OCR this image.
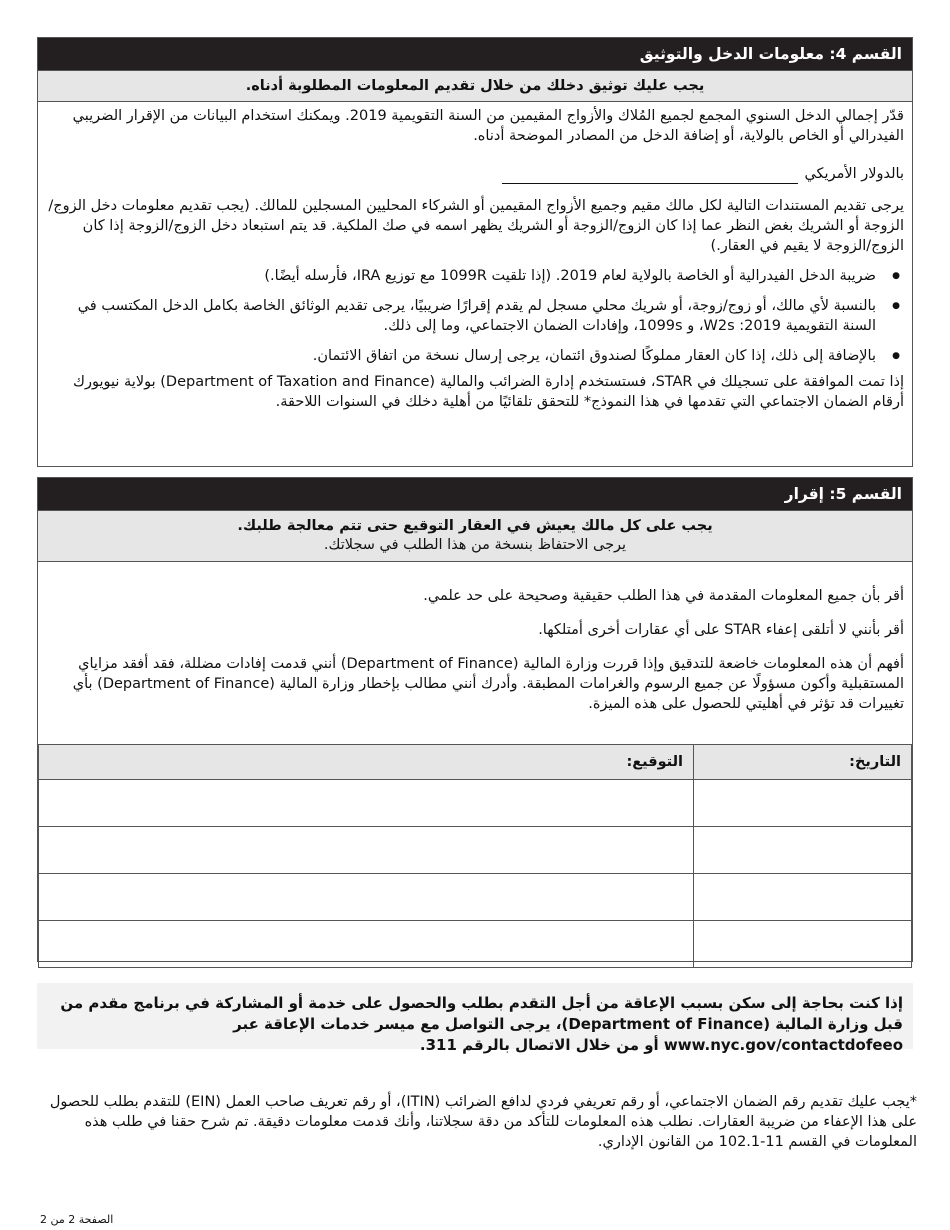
القسم 4: معلومات الدخل والتوثيق
يجب عليك توثيق دخلك من خلال تقديم المعلومات المطلوبة أدناه.

قدّر إجمالي الدخل السنوي المجمع لجميع المُلاك والأزواج المقيمين من السنة التقويمية 2019. ويمكنك استخدام البيانات من الإقرار الضريبي الفيدرالي أو الخاص بالولاية، أو إضافة الدخل من المصادر الموضحة أدناه.

بالدولار الأمريكي

يرجى تقديم المستندات التالية لكل مالك مقيم وجميع الأزواج المقيمين أو الشركاء المحليين المسجلين للمالك. (يجب تقديم معلومات دخل الزوج/الزوجة أو الشريك بغض النظر عما إذا كان الزوج/الزوجة أو الشريك يظهر اسمه في صك الملكية. قد يتم استبعاد دخل الزوج/الزوجة إذا كان الزوج/الزوجة لا يقيم في العقار.)

● ضريبة الدخل الفيدرالية أو الخاصة بالولاية لعام 2019. (إذا تلقيت 1099R مع توزيع IRA، فأرسله أيضًا.)
● بالنسبة لأي مالك، أو زوج/زوجة، أو شريك محلي مسجل لم يقدم إقرارًا ضريبيًا، يرجى تقديم الوثائق الخاصة بكامل الدخل المكتسب في السنة التقويمية 2019: W2s، و 1099s، وإفادات الضمان الاجتماعي، وما إلى ذلك.
● بالإضافة إلى ذلك، إذا كان العقار مملوكًا لصندوق ائتمان، يرجى إرسال نسخة من اتفاق الائتمان.

إذا تمت الموافقة على تسجيلك في STAR، فستستخدم إدارة الضرائب والمالية (Department of Taxation and Finance) بولاية نيويورك أرقام الضمان الاجتماعي التي تقدمها في هذا النموذج* للتحقق تلقائيًا من أهلية دخلك في السنوات اللاحقة.

القسم 5: إقرار
يجب على كل مالك يعيش في العقار التوقيع حتى تتم معالجة طلبك.
يرجى الاحتفاظ بنسخة من هذا الطلب في سجلاتك.

أقر بأن جميع المعلومات المقدمة في هذا الطلب حقيقية وصحيحة على حد علمي.

أقر بأنني لا أتلقى إعفاء STAR على أي عقارات أخرى أمتلكها.

أفهم أن هذه المعلومات خاضعة للتدقيق وإذا قررت وزارة المالية (Department of Finance) أنني قدمت إفادات مضللة، فقد أفقد مزاياي المستقبلية وأكون مسؤولًا عن جميع الرسوم والغرامات المطبقة. وأدرك أنني مطالب بإخطار وزارة المالية (Department of Finance) بأي تغييرات قد تؤثر في أهليتي للحصول على هذه الميزة.

التاريخ:	التوقيع:

إذا كنت بحاجة إلى سكن بسبب الإعاقة من أجل التقدم بطلب والحصول على خدمة أو المشاركة في برنامج مقدم من قبل وزارة المالية (Department of Finance)، يرجى التواصل مع ميسر خدمات الإعاقة عبر www.nyc.gov/contactdofeeo أو من خلال الاتصال بالرقم 311.
*يجب عليك تقديم رقم الضمان الاجتماعي، أو رقم تعريفي فردي لدافع الضرائب (ITIN)، أو رقم تعريف صاحب العمل (EIN) للتقدم بطلب للحصول على هذا الإعفاء من ضريبة العقارات. نطلب هذه المعلومات للتأكد من دقة سجلاتنا، وأنك قدمت معلومات دقيقة. تم شرح حقنا في طلب هذه المعلومات في القسم 11-102.1 من القانون الإداري.
الصفحة 2 من 2
